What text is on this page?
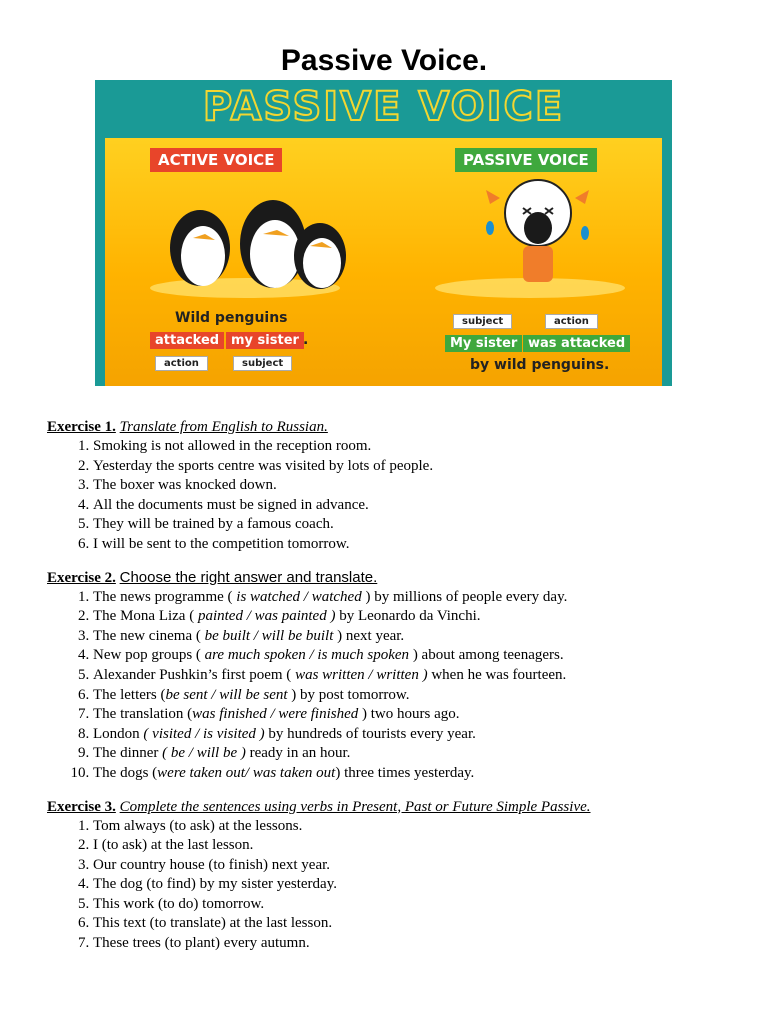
Passive Voice.
PASSIVE VOICE
ACTIVE VOICE	PASSIVE VOICE
Wild penguins
attacked my sister .
action	subject
subject	action
My sister was attacked
by wild penguins.
Exercise 1. Translate from English to Russian.
1. Smoking is not allowed in the reception room.
2. Yesterday the sports centre was visited by lots of people.
3. The boxer was knocked down.
4. All the documents must be signed in advance.
5. They will be trained by a famous coach.
6. I will be sent to the competition tomorrow.
Exercise 2. Choose the right answer and translate.
1. The news programme ( is watched / watched ) by millions of people every day.
2. The Mona Liza ( painted / was painted ) by Leonardo da Vinchi.
3. The new cinema ( be built / will be built ) next year.
4. New pop groups ( are much spoken / is much spoken ) about among teenagers.
5. Alexander Pushkin’s first poem ( was written / written ) when he was fourteen.
6. The letters (be sent / will be sent ) by post tomorrow.
7. The translation (was finished / were finished ) two hours ago.
8. London ( visited / is visited ) by hundreds of tourists every year.
9. The dinner ( be / will be ) ready in an hour.
10. The dogs (were taken out/ was taken out) three times yesterday.
Exercise 3. Complete the sentences using verbs in Present, Past or Future Simple Passive.
1. Tom always (to ask) at the lessons.
2. I (to ask) at the last lesson.
3. Our country house (to finish) next year.
4. The dog (to find) by my sister yesterday.
5. This work (to do) tomorrow.
6. This text (to translate) at the last lesson.
7. These trees (to plant) every autumn.
